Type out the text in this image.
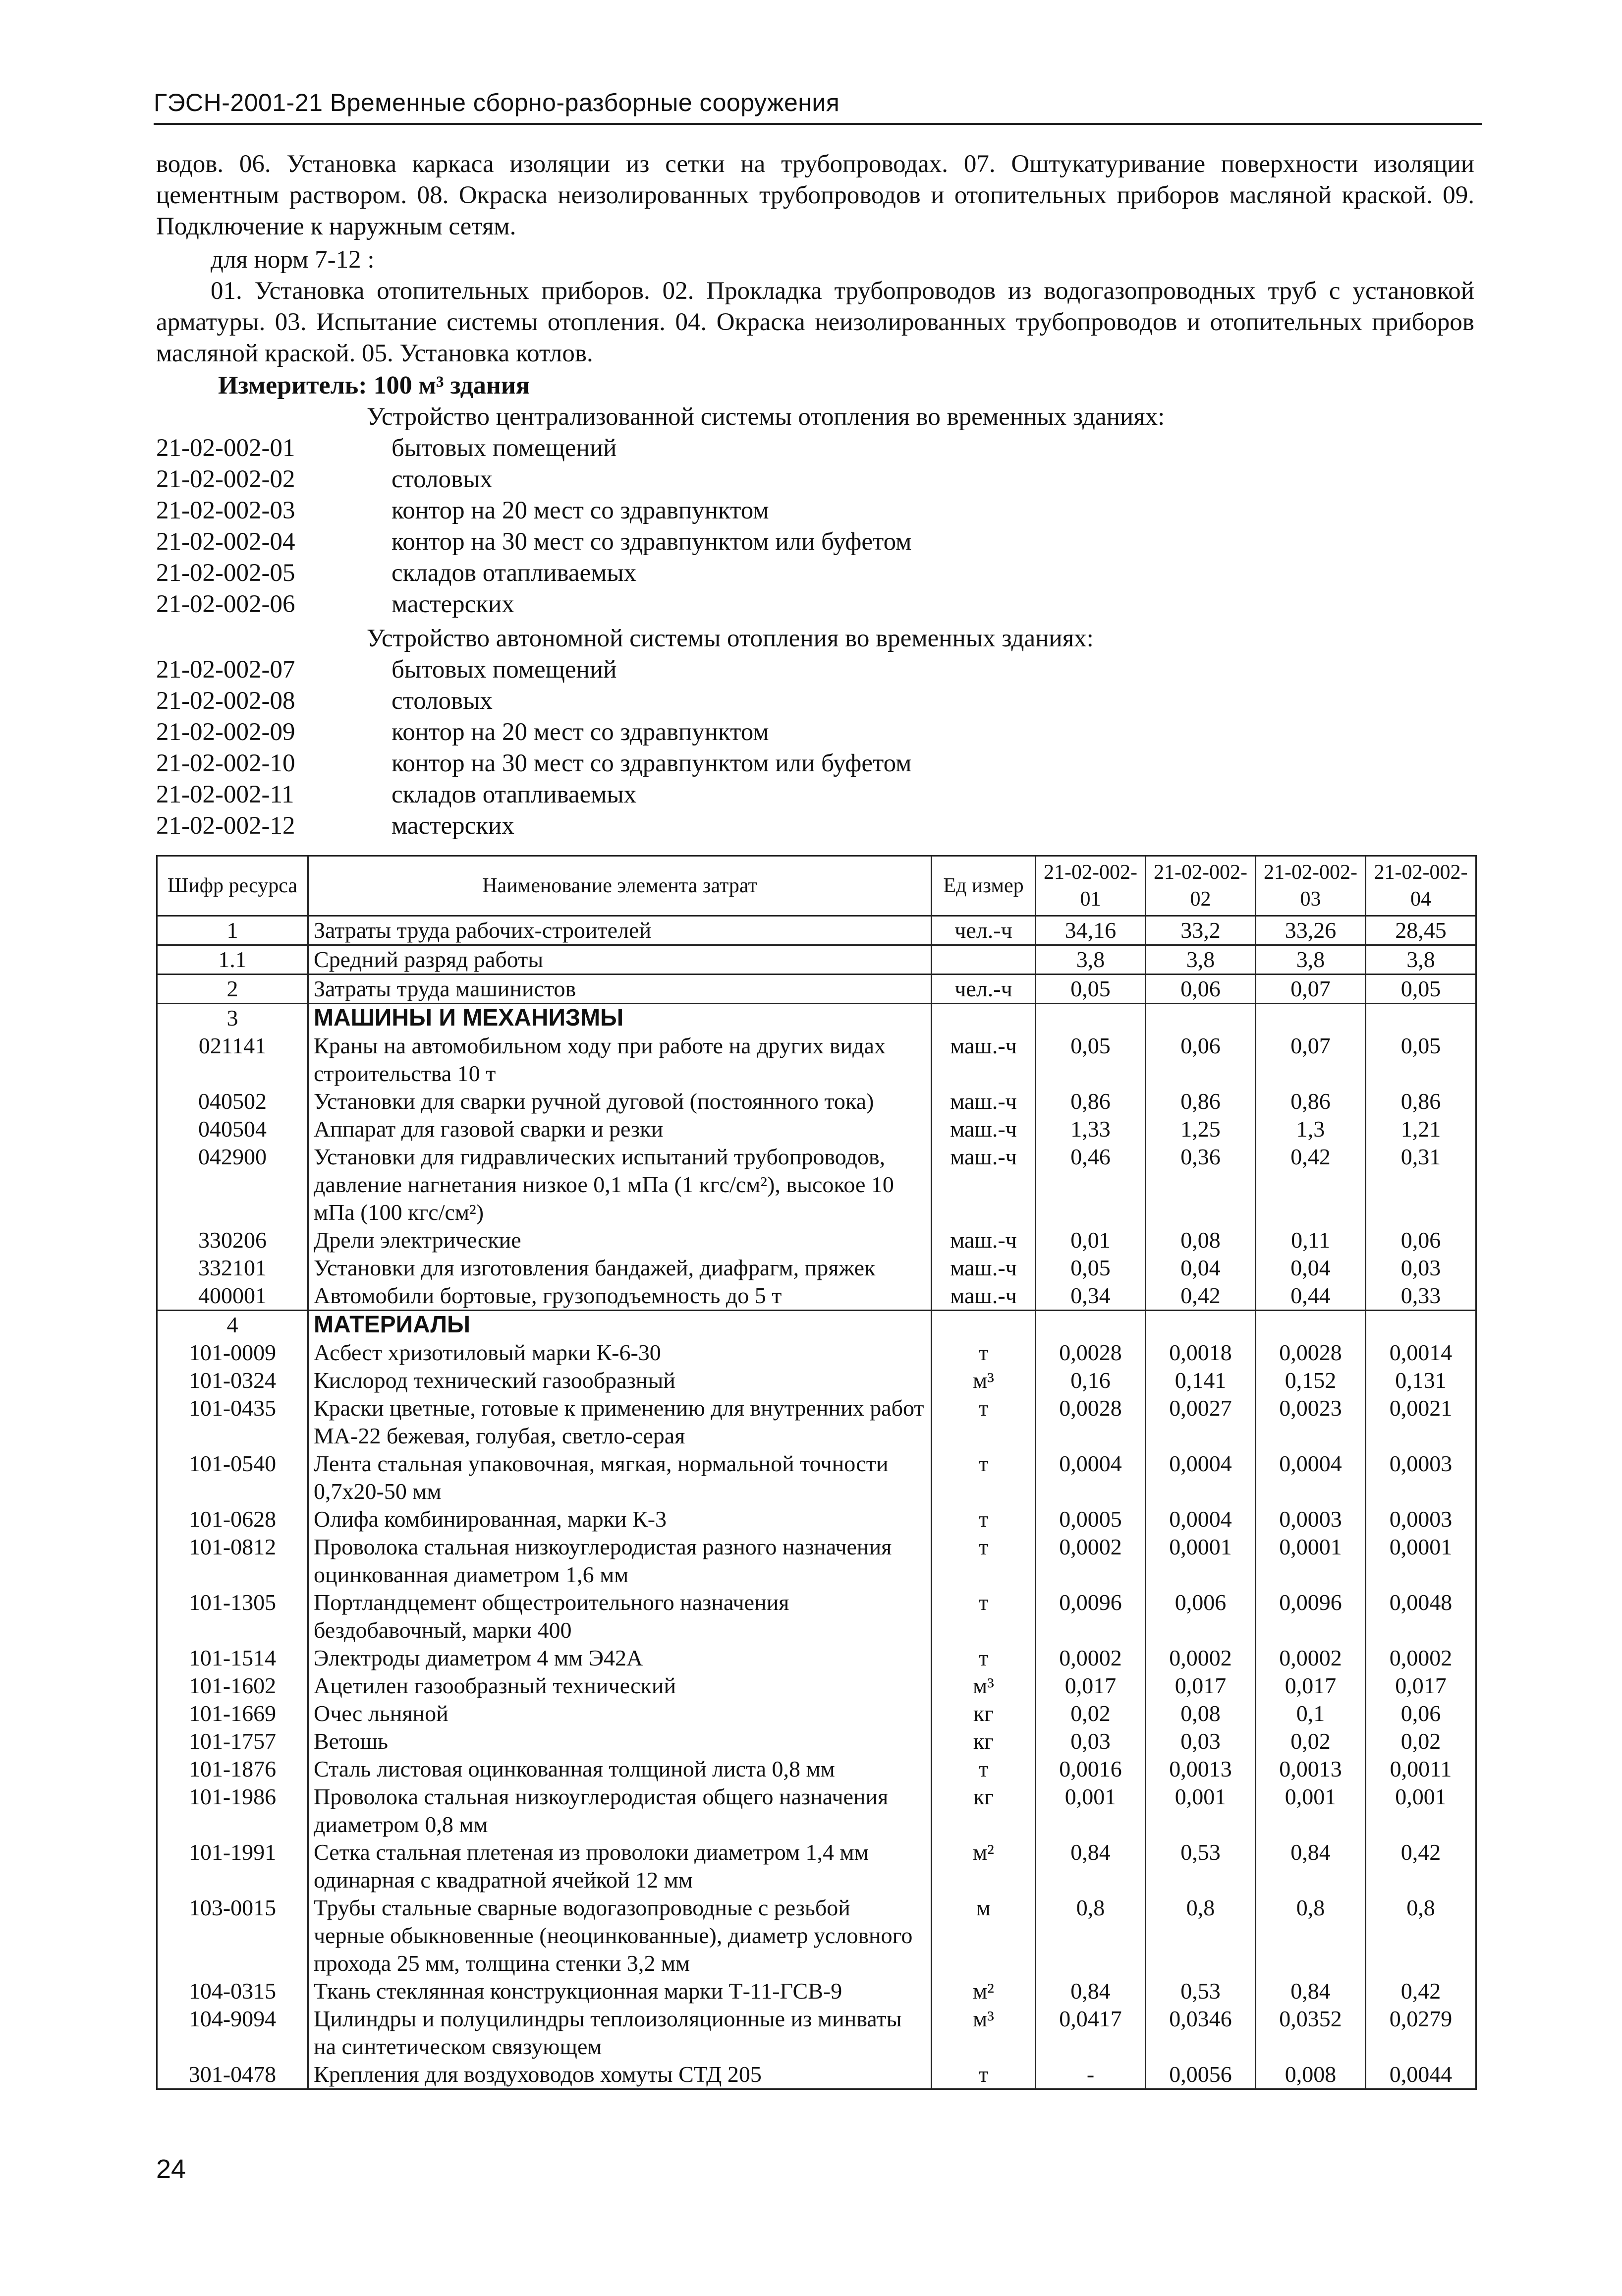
ГЭСН-2001-21 Временные сборно-разборные сооружения
водов. 06. Установка каркаса изоляции из сетки на трубопроводах. 07. Оштукатуривание поверхности изоляции цементным раствором. 08. Окраска неизолированных трубопроводов и отопительных приборов масляной краской. 09. Подключение к наружным сетям.
для норм 7-12 :
01. Установка отопительных приборов. 02. Прокладка трубопроводов из водогазопроводных труб с установкой арматуры. 03. Испытание системы отопления. 04. Окраска неизолированных трубопроводов и отопительных приборов масляной краской. 05. Установка котлов.
Измеритель: 100 м³ здания
Устройство централизованной системы отопления во временных зданиях:
21-02-002-01	бытовых помещений
21-02-002-02	столовых
21-02-002-03	контор на 20 мест со здравпунктом
21-02-002-04	контор на 30 мест со здравпунктом или буфетом
21-02-002-05	складов отапливаемых
21-02-002-06	мастерских
Устройство автономной системы отопления во временных зданиях:
21-02-002-07	бытовых помещений
21-02-002-08	столовых
21-02-002-09	контор на 20 мест со здравпунктом
21-02-002-10	контор на 30 мест со здравпунктом или буфетом
21-02-002-11	складов отапливаемых
21-02-002-12	мастерских
Шифр ресурса	Наименование элемента затрат	Ед измер	21-02-002-01	21-02-002-02	21-02-002-03	21-02-002-04
1	Затраты труда рабочих-строителей	чел.-ч	34,16	33,2	33,26	28,45
1.1	Средний разряд работы		3,8	3,8	3,8	3,8
2	Затраты труда машинистов	чел.-ч	0,05	0,06	0,07	0,05
3	МАШИНЫ И МЕХАНИЗМЫ					
021141	Краны на автомобильном ходу при работе на других видах строительства 10 т	маш.-ч	0,05	0,06	0,07	0,05
040502	Установки для сварки ручной дуговой (постоянного тока)	маш.-ч	0,86	0,86	0,86	0,86
040504	Аппарат для газовой сварки и резки	маш.-ч	1,33	1,25	1,3	1,21
042900	Установки для гидравлических испытаний трубопроводов, давление нагнетания низкое 0,1 мПа (1 кгс/см²), высокое 10 мПа (100 кгс/см²)	маш.-ч	0,46	0,36	0,42	0,31
330206	Дрели электрические	маш.-ч	0,01	0,08	0,11	0,06
332101	Установки для изготовления бандажей, диафрагм, пряжек	маш.-ч	0,05	0,04	0,04	0,03
400001	Автомобили бортовые, грузоподъемность до 5 т	маш.-ч	0,34	0,42	0,44	0,33
4	МАТЕРИАЛЫ					
101-0009	Асбест хризотиловый марки К-6-30	т	0,0028	0,0018	0,0028	0,0014
101-0324	Кислород технический газообразный	м³	0,16	0,141	0,152	0,131
101-0435	Краски цветные, готовые к применению для внутренних работ МА-22 бежевая, голубая, светло-серая	т	0,0028	0,0027	0,0023	0,0021
101-0540	Лента стальная упаковочная, мягкая, нормальной точности 0,7х20-50 мм	т	0,0004	0,0004	0,0004	0,0003
101-0628	Олифа комбинированная, марки К-3	т	0,0005	0,0004	0,0003	0,0003
101-0812	Проволока стальная низкоуглеродистая разного назначения оцинкованная диаметром 1,6 мм	т	0,0002	0,0001	0,0001	0,0001
101-1305	Портландцемент общестроительного назначения бездобавочный, марки 400	т	0,0096	0,006	0,0096	0,0048
101-1514	Электроды диаметром 4 мм Э42А	т	0,0002	0,0002	0,0002	0,0002
101-1602	Ацетилен газообразный технический	м³	0,017	0,017	0,017	0,017
101-1669	Очес льняной	кг	0,02	0,08	0,1	0,06
101-1757	Ветошь	кг	0,03	0,03	0,02	0,02
101-1876	Сталь листовая оцинкованная толщиной листа 0,8 мм	т	0,0016	0,0013	0,0013	0,0011
101-1986	Проволока стальная низкоуглеродистая общего назначения диаметром 0,8 мм	кг	0,001	0,001	0,001	0,001
101-1991	Сетка стальная плетеная из проволоки диаметром 1,4 мм одинарная с квадратной ячейкой 12 мм	м²	0,84	0,53	0,84	0,42
103-0015	Трубы стальные сварные водогазопроводные с резьбой черные обыкновенные (неоцинкованные), диаметр условного прохода 25 мм, толщина стенки 3,2 мм	м	0,8	0,8	0,8	0,8
104-0315	Ткань стеклянная конструкционная марки Т-11-ГСВ-9	м²	0,84	0,53	0,84	0,42
104-9094	Цилиндры и полуцилиндры теплоизоляционные из минваты на синтетическом связующем	м³	0,0417	0,0346	0,0352	0,0279
301-0478	Крепления для воздуховодов хомуты СТД 205	т	-	0,0056	0,008	0,0044
24
